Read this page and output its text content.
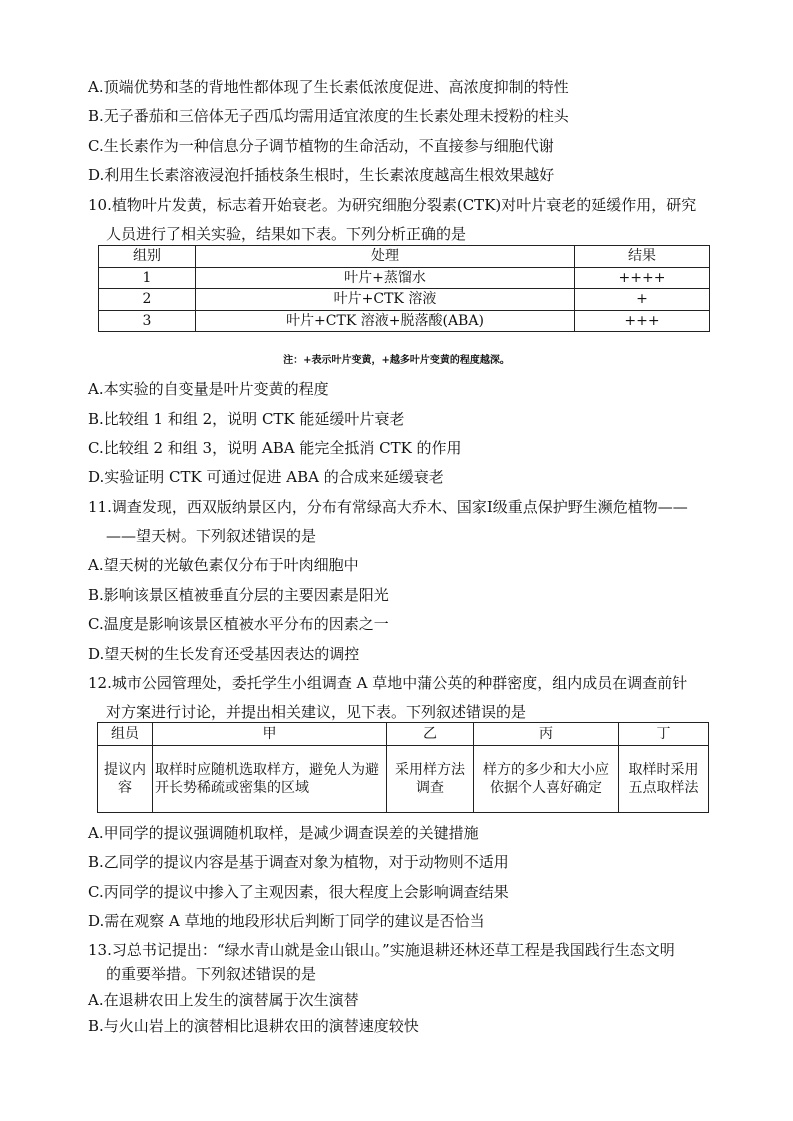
A.顶端优势和茎的背地性都体现了生长素低浓度促进、高浓度抑制的特性
B.无子番茄和三倍体无子西瓜均需用适宜浓度的生长素处理未授粉的柱头
C.生长素作为一种信息分子调节植物的生命活动，不直接参与细胞代谢
D.利用生长素溶液浸泡扦插枝条生根时，生长素浓度越高生根效果越好
10.植物叶片发黄，标志着开始衰老。为研究细胞分裂素(CTK)对叶片衰老的延缓作用，研究
人员进行了相关实验，结果如下表。下列分析正确的是
组别	处理	结果
1	叶片+蒸馏水	++++
2	叶片+CTK 溶液	+
3	叶片+CTK 溶液+脱落酸(ABA)	+++
注：+表示叶片变黄，+越多叶片变黄的程度越深。
A.本实验的自变量是叶片变黄的程度
B.比较组 1 和组 2，说明 CTK 能延缓叶片衰老
C.比较组 2 和组 3，说明 ABA 能完全抵消 CTK 的作用
D.实验证明 CTK 可通过促进 ABA 的合成来延缓衰老
11.调查发现，西双版纳景区内，分布有常绿高大乔木、国家Ⅰ级重点保护野生濒危植物——
——望天树。下列叙述错误的是
A.望天树的光敏色素仅分布于叶肉细胞中
B.影响该景区植被垂直分层的主要因素是阳光
C.温度是影响该景区植被水平分布的因素之一
D.望天树的生长发育还受基因表达的调控
12.城市公园管理处，委托学生小组调查 A 草地中蒲公英的种群密度，组内成员在调查前针
对方案进行讨论，并提出相关建议，见下表。下列叙述错误的是
组员	甲	乙	丙	丁
提议内容	取样时应随机选取样方，避免人为避开长势稀疏或密集的区域	采用样方法调查	样方的多少和大小应依据个人喜好确定	取样时采用五点取样法
A.甲同学的提议强调随机取样，是减少调查误差的关键措施
B.乙同学的提议内容是基于调查对象为植物，对于动物则不适用
C.丙同学的提议中掺入了主观因素，很大程度上会影响调查结果
D.需在观察 A 草地的地段形状后判断丁同学的建议是否恰当
13.习总书记提出：“绿水青山就是金山银山。”实施退耕还林还草工程是我国践行生态文明
的重要举措。下列叙述错误的是
A.在退耕农田上发生的演替属于次生演替
B.与火山岩上的演替相比退耕农田的演替速度较快
